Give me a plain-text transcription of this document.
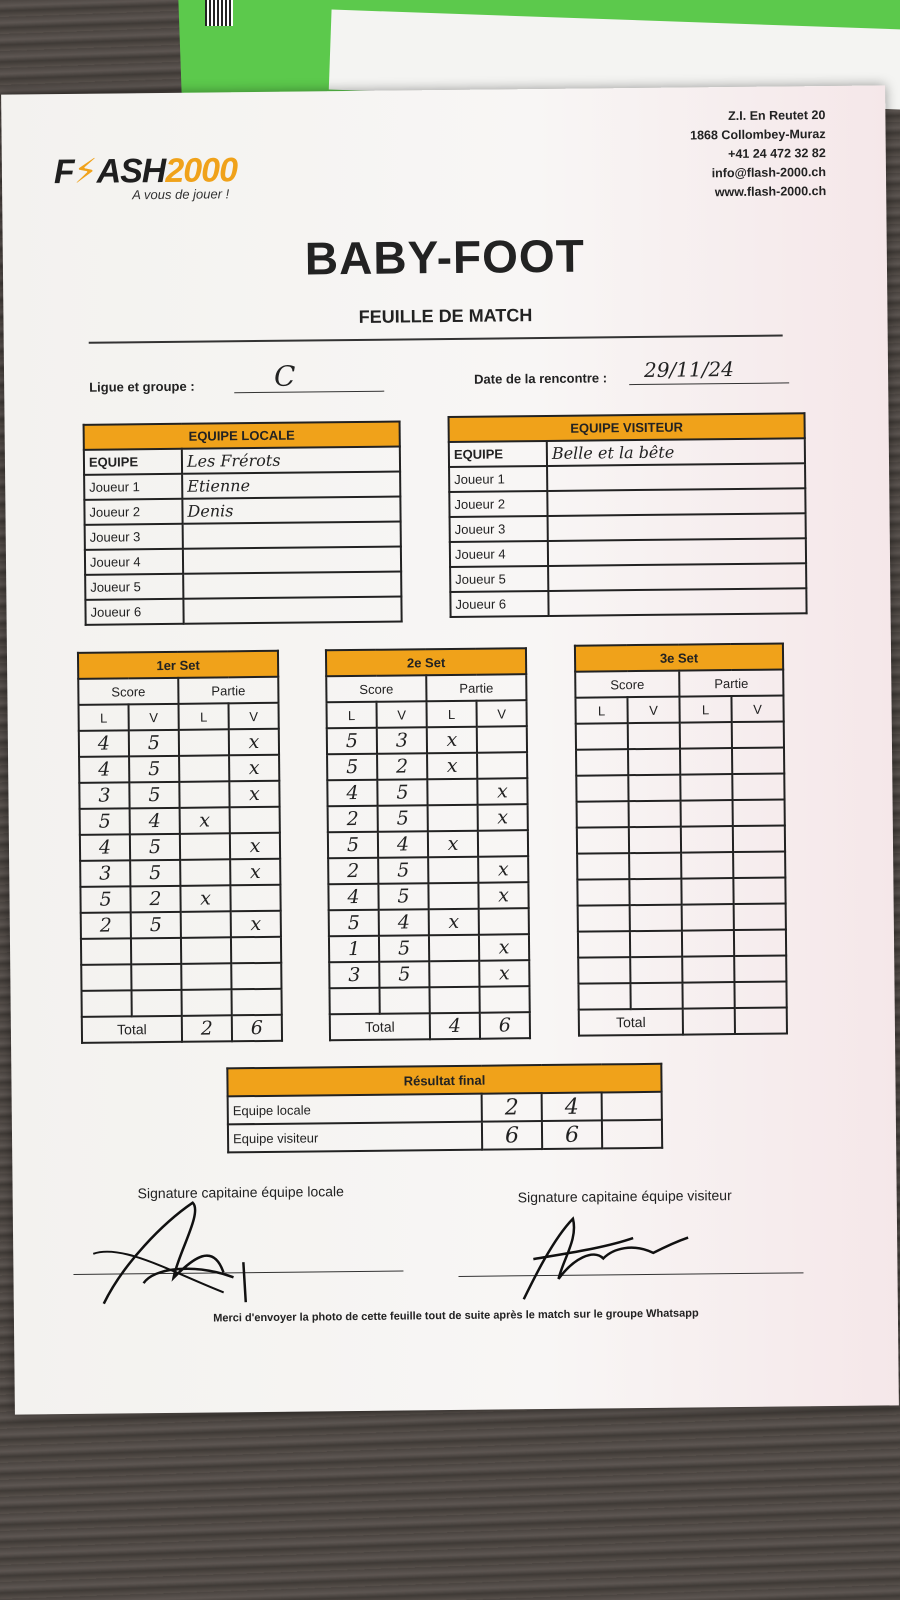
F⚡ASH2000
A vous de jouer !
Z.I. En Reutet 20
1868 Collombey-Muraz
+41 24 472 32 82
info@flash-2000.ch
www.flash-2000.ch
BABY-FOOT
FEUILLE DE MATCH
Ligue et groupe :	C	Date de la rencontre : 29/11/24
EQUIPE LOCALE	
EQUIPE	Les Frérots
Joueur 1	Etienne
Joueur 2	Denis
Joueur 3	
Joueur 4	
Joueur 5	
Joueur 6	
EQUIPE VISITEUR	
EQUIPE	Belle et la bête
Joueur 1	
Joueur 2	
Joueur 3	
Joueur 4	
Joueur 5	
Joueur 6	
1er Set			
Score		Partie	
L	V	L	V
4	5		x
4	5		x
3	5		x
5	4	x	
4	5		x
3	5		x
5	2	x	
2	5		x

Total		2	6
2e Set			
Score		Partie	
L	V	L	V
5	3	x	
5	2	x	
4	5		x
2	5		x
5	4	x	
2	5		x
4	5		x
5	4	x	
1	5		x
3	5		x

Total		4	6
3e Set			
Score		Partie	
L	V	L	V

Total			
Résultat final			
Equipe locale	2	4	
Equipe visiteur	6	6	
Signature capitaine équipe locale	Signature capitaine équipe visiteur
Merci d'envoyer la photo de cette feuille tout de suite après le match sur le groupe Whatsapp
